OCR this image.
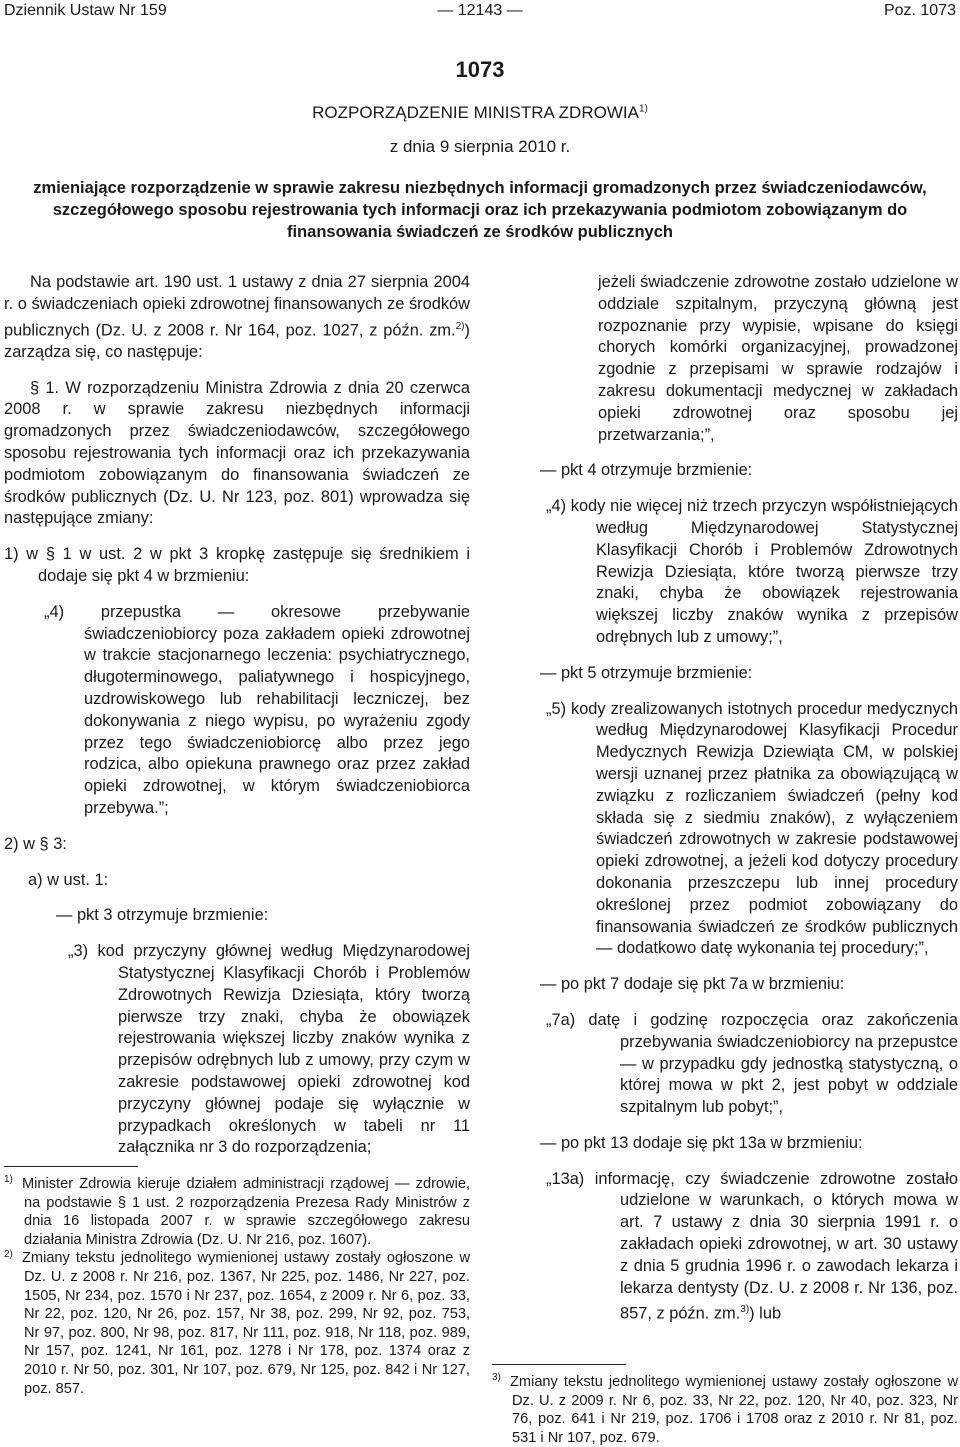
Dziennik Ustaw Nr 159	— 12143 —	Poz. 1073
1073
ROZPORZĄDZENIE MINISTRA ZDROWIA$^{1)}$
z dnia 9 sierpnia 2010 r.
zmieniające rozporządzenie w sprawie zakresu niezbędnych informacji gromadzonych przez świadczeniodawców, szczegółowego sposobu rejestrowania tych informacji oraz ich przekazywania podmiotom zobowiązanym do finansowania świadczeń ze środków publicznych

Na podstawie art. 190 ust. 1 ustawy z dnia 27 sierpnia 2004 r. o świadczeniach opieki zdrowotnej finansowanych ze środków publicznych (Dz. U. z 2008 r. Nr 164, poz. 1027, z późn. zm.$^{2)}$) zarządza się, co następuje:

§ 1. W rozporządzeniu Ministra Zdrowia z dnia 20 czerwca 2008 r. w sprawie zakresu niezbędnych informacji gromadzonych przez świadczeniodawców, szczegółowego sposobu rejestrowania tych informacji oraz ich przekazywania podmiotom zobowiązanym do finansowania świadczeń ze środków publicznych (Dz. U. Nr 123, poz. 801) wprowadza się następujące zmiany:

1) w § 1 w ust. 2 w pkt 3 kropkę zastępuje się średnikiem i dodaje się pkt 4 w brzmieniu:

„4) przepustka — okresowe przebywanie świadczeniobiorcy poza zakładem opieki zdrowotnej w trakcie stacjonarnego leczenia: psychiatrycznego, długoterminowego, paliatywnego i hospicyjnego, uzdrowiskowego lub rehabilitacji leczniczej, bez dokonywania z niego wypisu, po wyrażeniu zgody przez tego świadczeniobiorcę albo przez jego rodzica, albo opiekuna prawnego oraz przez zakład opieki zdrowotnej, w którym świadczeniobiorca przebywa.”;

2) w § 3:

a) w ust. 1:

— pkt 3 otrzymuje brzmienie:

„3) kod przyczyny głównej według Międzynarodowej Statystycznej Klasyfikacji Chorób i Problemów Zdrowotnych Rewizja Dziesiąta, który tworzą pierwsze trzy znaki, chyba że obowiązek rejestrowania większej liczby znaków wynika z przepisów odrębnych lub z umowy, przy czym w zakresie podstawowej opieki zdrowotnej kod przyczyny głównej podaje się wyłącznie w przypadkach określonych w tabeli nr 11 załącznika nr 3 do rozporządzenia;

1) Minister Zdrowia kieruje działem administracji rządowej — zdrowie, na podstawie § 1 ust. 2 rozporządzenia Prezesa Rady Ministrów z dnia 16 listopada 2007 r. w sprawie szczegółowego zakresu działania Ministra Zdrowia (Dz. U. Nr 216, poz. 1607).

2) Zmiany tekstu jednolitego wymienionej ustawy zostały ogłoszone w Dz. U. z 2008 r. Nr 216, poz. 1367, Nr 225, poz. 1486, Nr 227, poz. 1505, Nr 234, poz. 1570 i Nr 237, poz. 1654, z 2009 r. Nr 6, poz. 33, Nr 22, poz. 120, Nr 26, poz. 157, Nr 38, poz. 299, Nr 92, poz. 753, Nr 97, poz. 800, Nr 98, poz. 817, Nr 111, poz. 918, Nr 118, poz. 989, Nr 157, poz. 1241, Nr 161, poz. 1278 i Nr 178, poz. 1374 oraz z 2010 r. Nr 50, poz. 301, Nr 107, poz. 679, Nr 125, poz. 842 i Nr 127, poz. 857.

jeżeli świadczenie zdrowotne zostało udzielone w oddziale szpitalnym, przyczyną główną jest rozpoznanie przy wypisie, wpisane do księgi chorych komórki organizacyjnej, prowadzonej zgodnie z przepisami w sprawie rodzajów i zakresu dokumentacji medycznej w zakładach opieki zdrowotnej oraz sposobu jej przetwarzania;”,

— pkt 4 otrzymuje brzmienie:

„4) kody nie więcej niż trzech przyczyn współistniejących według Międzynarodowej Statystycznej Klasyfikacji Chorób i Problemów Zdrowotnych Rewizja Dziesiąta, które tworzą pierwsze trzy znaki, chyba że obowiązek rejestrowania większej liczby znaków wynika z przepisów odrębnych lub z umowy;”,

— pkt 5 otrzymuje brzmienie:

„5) kody zrealizowanych istotnych procedur medycznych według Międzynarodowej Klasyfikacji Procedur Medycznych Rewizja Dziewiąta CM, w polskiej wersji uznanej przez płatnika za obowiązującą w związku z rozliczaniem świadczeń (pełny kod składa się z siedmiu znaków), z wyłączeniem świadczeń zdrowotnych w zakresie podstawowej opieki zdrowotnej, a jeżeli kod dotyczy procedury dokonania przeszczepu lub innej procedury określonej przez podmiot zobowiązany do finansowania świadczeń ze środków publicznych — dodatkowo datę wykonania tej procedury;”,

— po pkt 7 dodaje się pkt 7a w brzmieniu:

„7a) datę i godzinę rozpoczęcia oraz zakończenia przebywania świadczeniobiorcy na przepustce — w przypadku gdy jednostką statystyczną, o której mowa w pkt 2, jest pobyt w oddziale szpitalnym lub pobyt;”,

— po pkt 13 dodaje się pkt 13a w brzmieniu:

„13a) informację, czy świadczenie zdrowotne zostało udzielone w warunkach, o których mowa w art. 7 ustawy z dnia 30 sierpnia 1991 r. o zakładach opieki zdrowotnej, w art. 30 ustawy z dnia 5 grudnia 1996 r. o zawodach lekarza i lekarza dentysty (Dz. U. z 2008 r. Nr 136, poz. 857, z późn. zm.$^{3)}$) lub

3) Zmiany tekstu jednolitego wymienionej ustawy zostały ogłoszone w Dz. U. z 2009 r. Nr 6, poz. 33, Nr 22, poz. 120, Nr 40, poz. 323, Nr 76, poz. 641 i Nr 219, poz. 1706 i 1708 oraz z 2010 r. Nr 81, poz. 531 i Nr 107, poz. 679.
